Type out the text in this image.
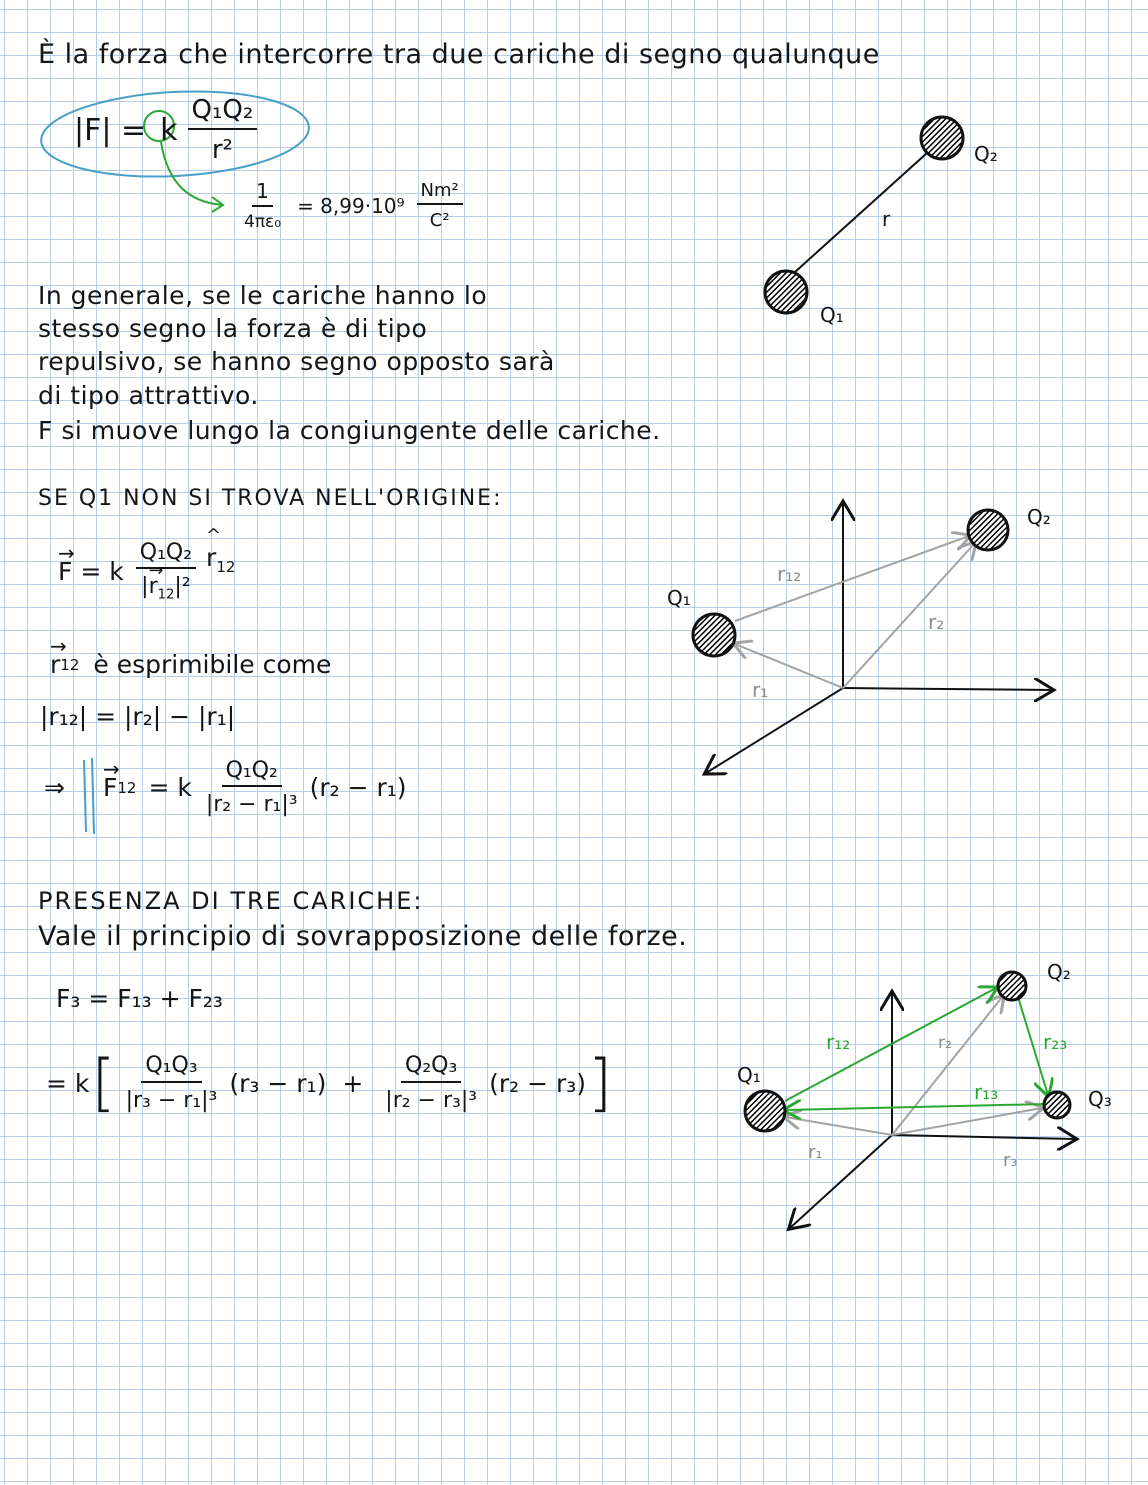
È la forza che intercorre tra due cariche di segno qualunque
|F| = k $\frac{\text{Q₁Q₂}}{\text{r²}}$
$\frac{1}{\text{4πε₀}} = 8,99\cdot 10^9 \frac{\text{Nm²}}{\text{C²}}$
Q₂
Q₁
r
In generale, se le cariche hanno lo
stesso segno la forza è di tipo
repulsivo, se hanno segno opposto sarà
di tipo attrattivo.
F si muove lungo la congiungente delle cariche.
SE Q1 NON SI TROVA NELL'ORIGINE:
→ F = k $\frac{\text{Q₁Q₂}}{|\to r_{12}|^2}$
^
$r_{12}$
→ r 12 è esprimibile come
|r₁₂| = |r₂| − |r₁|
⇒
→ F 12 = k $\frac{\text{Q₁Q₂}}{\text{|r₂ − r₁|³}} (r_2 - r_1)$
Q₁
Q₂
r₁₂
r₂
r₁
PRESENZA DI TRE CARICHE:
Vale il principio di sovrapposizione delle forze.
F₃ = F₁₃ + F₂₃
= k [ $\frac{\text{Q₁Q₃}}{\text{|r₃ − r₁|³}} (r_3 - r_1) + \frac{\text{Q₂Q₃}}{\text{|r₂ − r₃|³}} (r_2 - r_3)$ ]	Q₁
Q₂
Q₃
r₁₂	r₂₃
r₁₃
r₂
r₁	r₃
